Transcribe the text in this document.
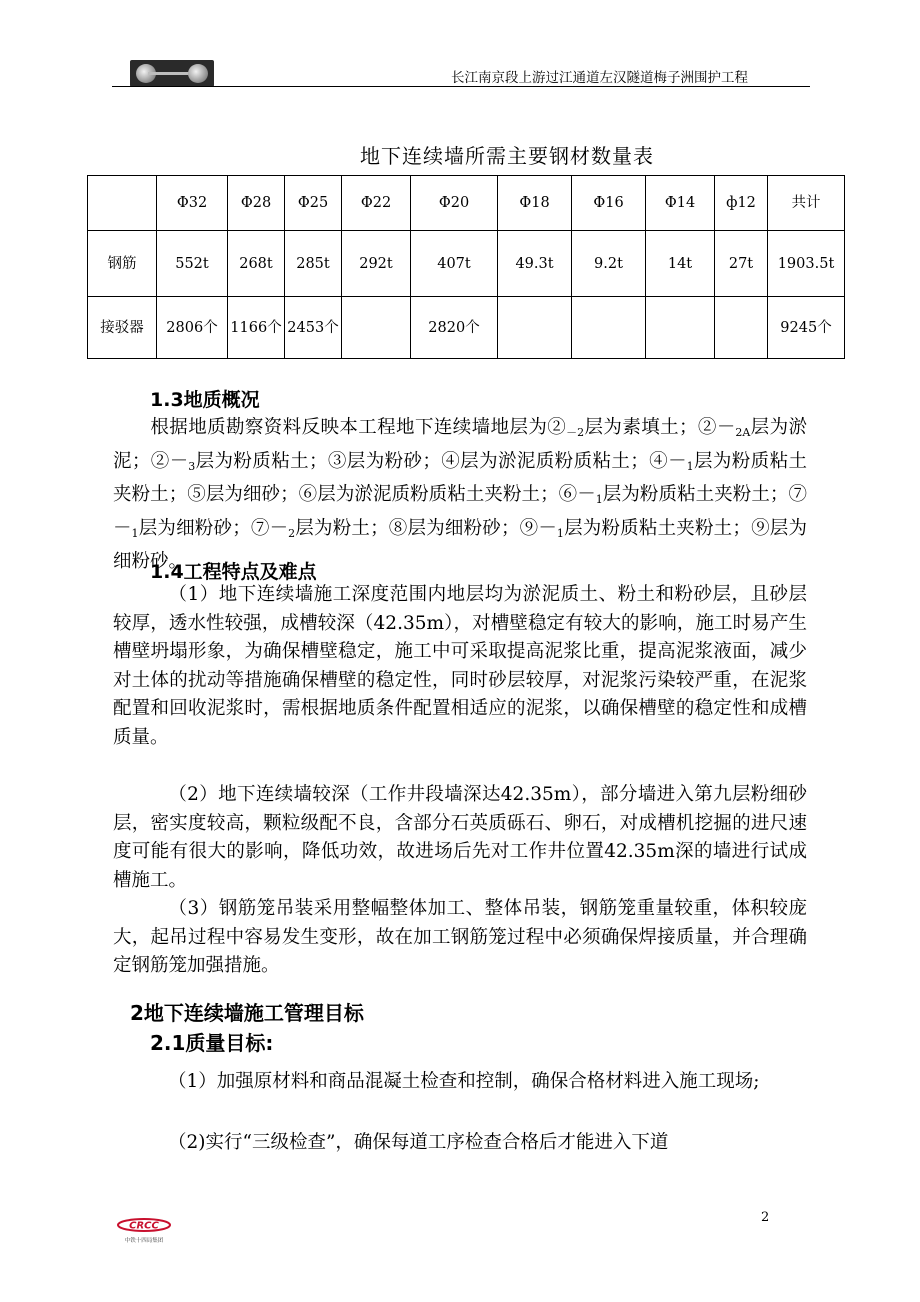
长江南京段上游过江通道左汉隧道梅子洲围护工程
地下连续墙所需主要钢材数量表
	Φ32	Φ28	Φ25	Φ22	Φ20	Φ18	Φ16	Φ14	ф12	共计
钢筋	552t	268t	285t	292t	407t	49.3t	9.2t	14t	27t	1903.5t
接驳器	2806个	1166个	2453个		2820个					9245个
1.3地质概况
根据地质勘察资料反映本工程地下连续墙地层为$②_{-2}$层为素填土；$②-_{2A}$层为淤泥；$②-_3$层为粉质粘土；③层为粉砂；④层为淤泥质粉质粘土；$④-_1$层为粉质粘土夹粉土；⑤层为细砂；⑥层为淤泥质粉质粘土夹粉土；$⑥-_1$层为粉质粘土夹粉土；$⑦-_1$层为细粉砂；$⑦-_2$层为粉土；⑧层为细粉砂；$⑨-_1$层为粉质粘土夹粉土；⑨层为细粉砂。
1.4工程特点及难点
（1）地下连续墙施工深度范围内地层均为淤泥质土、粉土和粉砂层，且砂层较厚，透水性较强，成槽较深（42.35m），对槽壁稳定有较大的影响，施工时易产生槽壁坍塌形象，为确保槽壁稳定，施工中可采取提高泥浆比重，提高泥浆液面，减少对土体的扰动等措施确保槽壁的稳定性，同时砂层较厚，对泥浆污染较严重，在泥浆配置和回收泥浆时，需根据地质条件配置相适应的泥浆，以确保槽壁的稳定性和成槽质量。
（2）地下连续墙较深（工作井段墙深达42.35m），部分墙进入第九层粉细砂层，密实度较高，颗粒级配不良，含部分石英质砾石、卵石，对成槽机挖掘的进尺速度可能有很大的影响，降低功效，故进场后先对工作井位置42.35m深的墙进行试成槽施工。
（3）钢筋笼吊装采用整幅整体加工、整体吊装，钢筋笼重量较重，体积较庞大，起吊过程中容易发生变形，故在加工钢筋笼过程中必须确保焊接质量，并合理确定钢筋笼加强措施。
2地下连续墙施工管理目标
2.1质量目标:
（1）加强原材料和商品混凝土检查和控制，确保合格材料进入施工现场;
（2)实行“三级检查”，确保每道工序检查合格后才能进入下道
CRCC
中铁十四局集团
2
